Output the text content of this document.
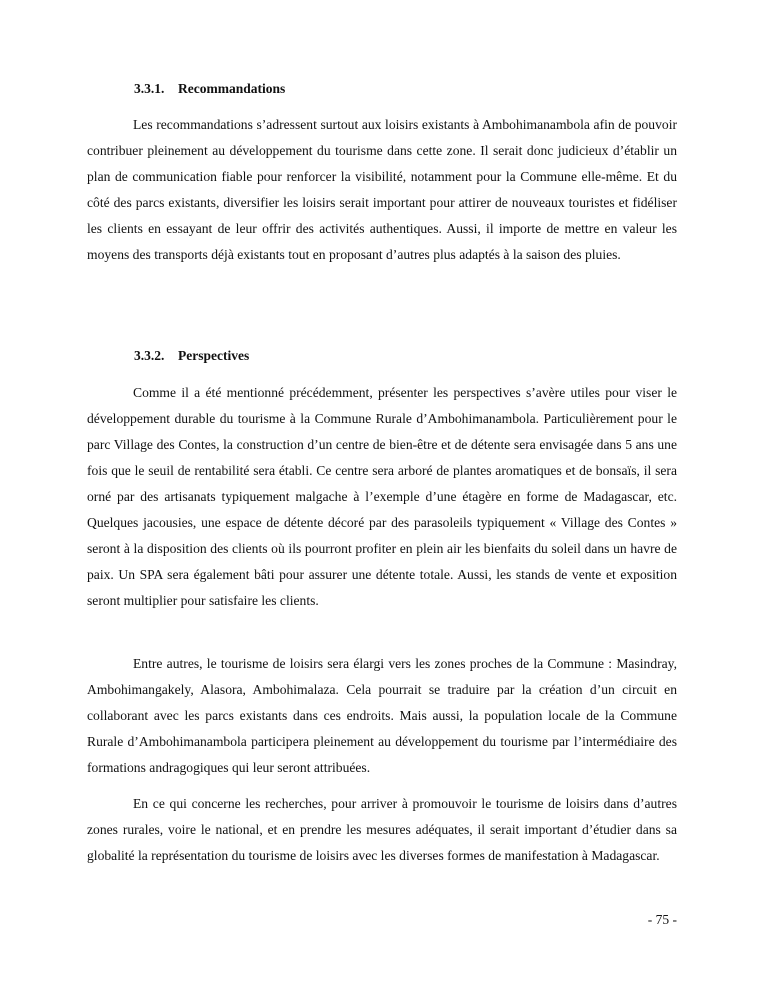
3.3.1. Recommandations

Les recommandations s’adressent surtout aux loisirs existants à Ambohimanambola afin de pouvoir contribuer pleinement au développement du tourisme dans cette zone. Il serait donc judicieux d’établir un plan de communication fiable pour renforcer la visibilité, notamment pour la Commune elle-même. Et du côté des parcs existants, diversifier les loisirs serait important pour attirer de nouveaux touristes et fidéliser les clients en essayant de leur offrir des activités authentiques. Aussi, il importe de mettre en valeur les moyens des transports déjà existants tout en proposant d’autres plus adaptés à la saison des pluies.

3.3.2. Perspectives

Comme il a été mentionné précédemment, présenter les perspectives s’avère utiles pour viser le développement durable du tourisme à la Commune Rurale d’Ambohimanambola. Particulièrement pour le parc Village des Contes, la construction d’un centre de bien-être et de détente sera envisagée dans 5 ans une fois que le seuil de rentabilité sera établi. Ce centre sera arboré de plantes aromatiques et de bonsaïs, il sera orné par des artisanats typiquement malgache à l’exemple d’une étagère en forme de Madagascar, etc. Quelques jacousies, une espace de détente décoré par des parasoleils typiquement « Village des Contes » seront à la disposition des clients où ils pourront profiter en plein air les bienfaits du soleil dans un havre de paix. Un SPA sera également bâti pour assurer une détente totale. Aussi, les stands de vente et exposition seront multiplier pour satisfaire les clients.

Entre autres, le tourisme de loisirs sera élargi vers les zones proches de la Commune : Masindray, Ambohimangakely, Alasora, Ambohimalaza. Cela pourrait se traduire par la création d’un circuit en collaborant avec les parcs existants dans ces endroits. Mais aussi, la population locale de la Commune Rurale d’Ambohimanambola participera pleinement au développement du tourisme par l’intermédiaire des formations andragogiques qui leur seront attribuées.

En ce qui concerne les recherches, pour arriver à promouvoir le tourisme de loisirs dans d’autres zones rurales, voire le national, et en prendre les mesures adéquates, il serait important d’étudier dans sa globalité la représentation du tourisme de loisirs avec les diverses formes de manifestation à Madagascar.

- 75 -
